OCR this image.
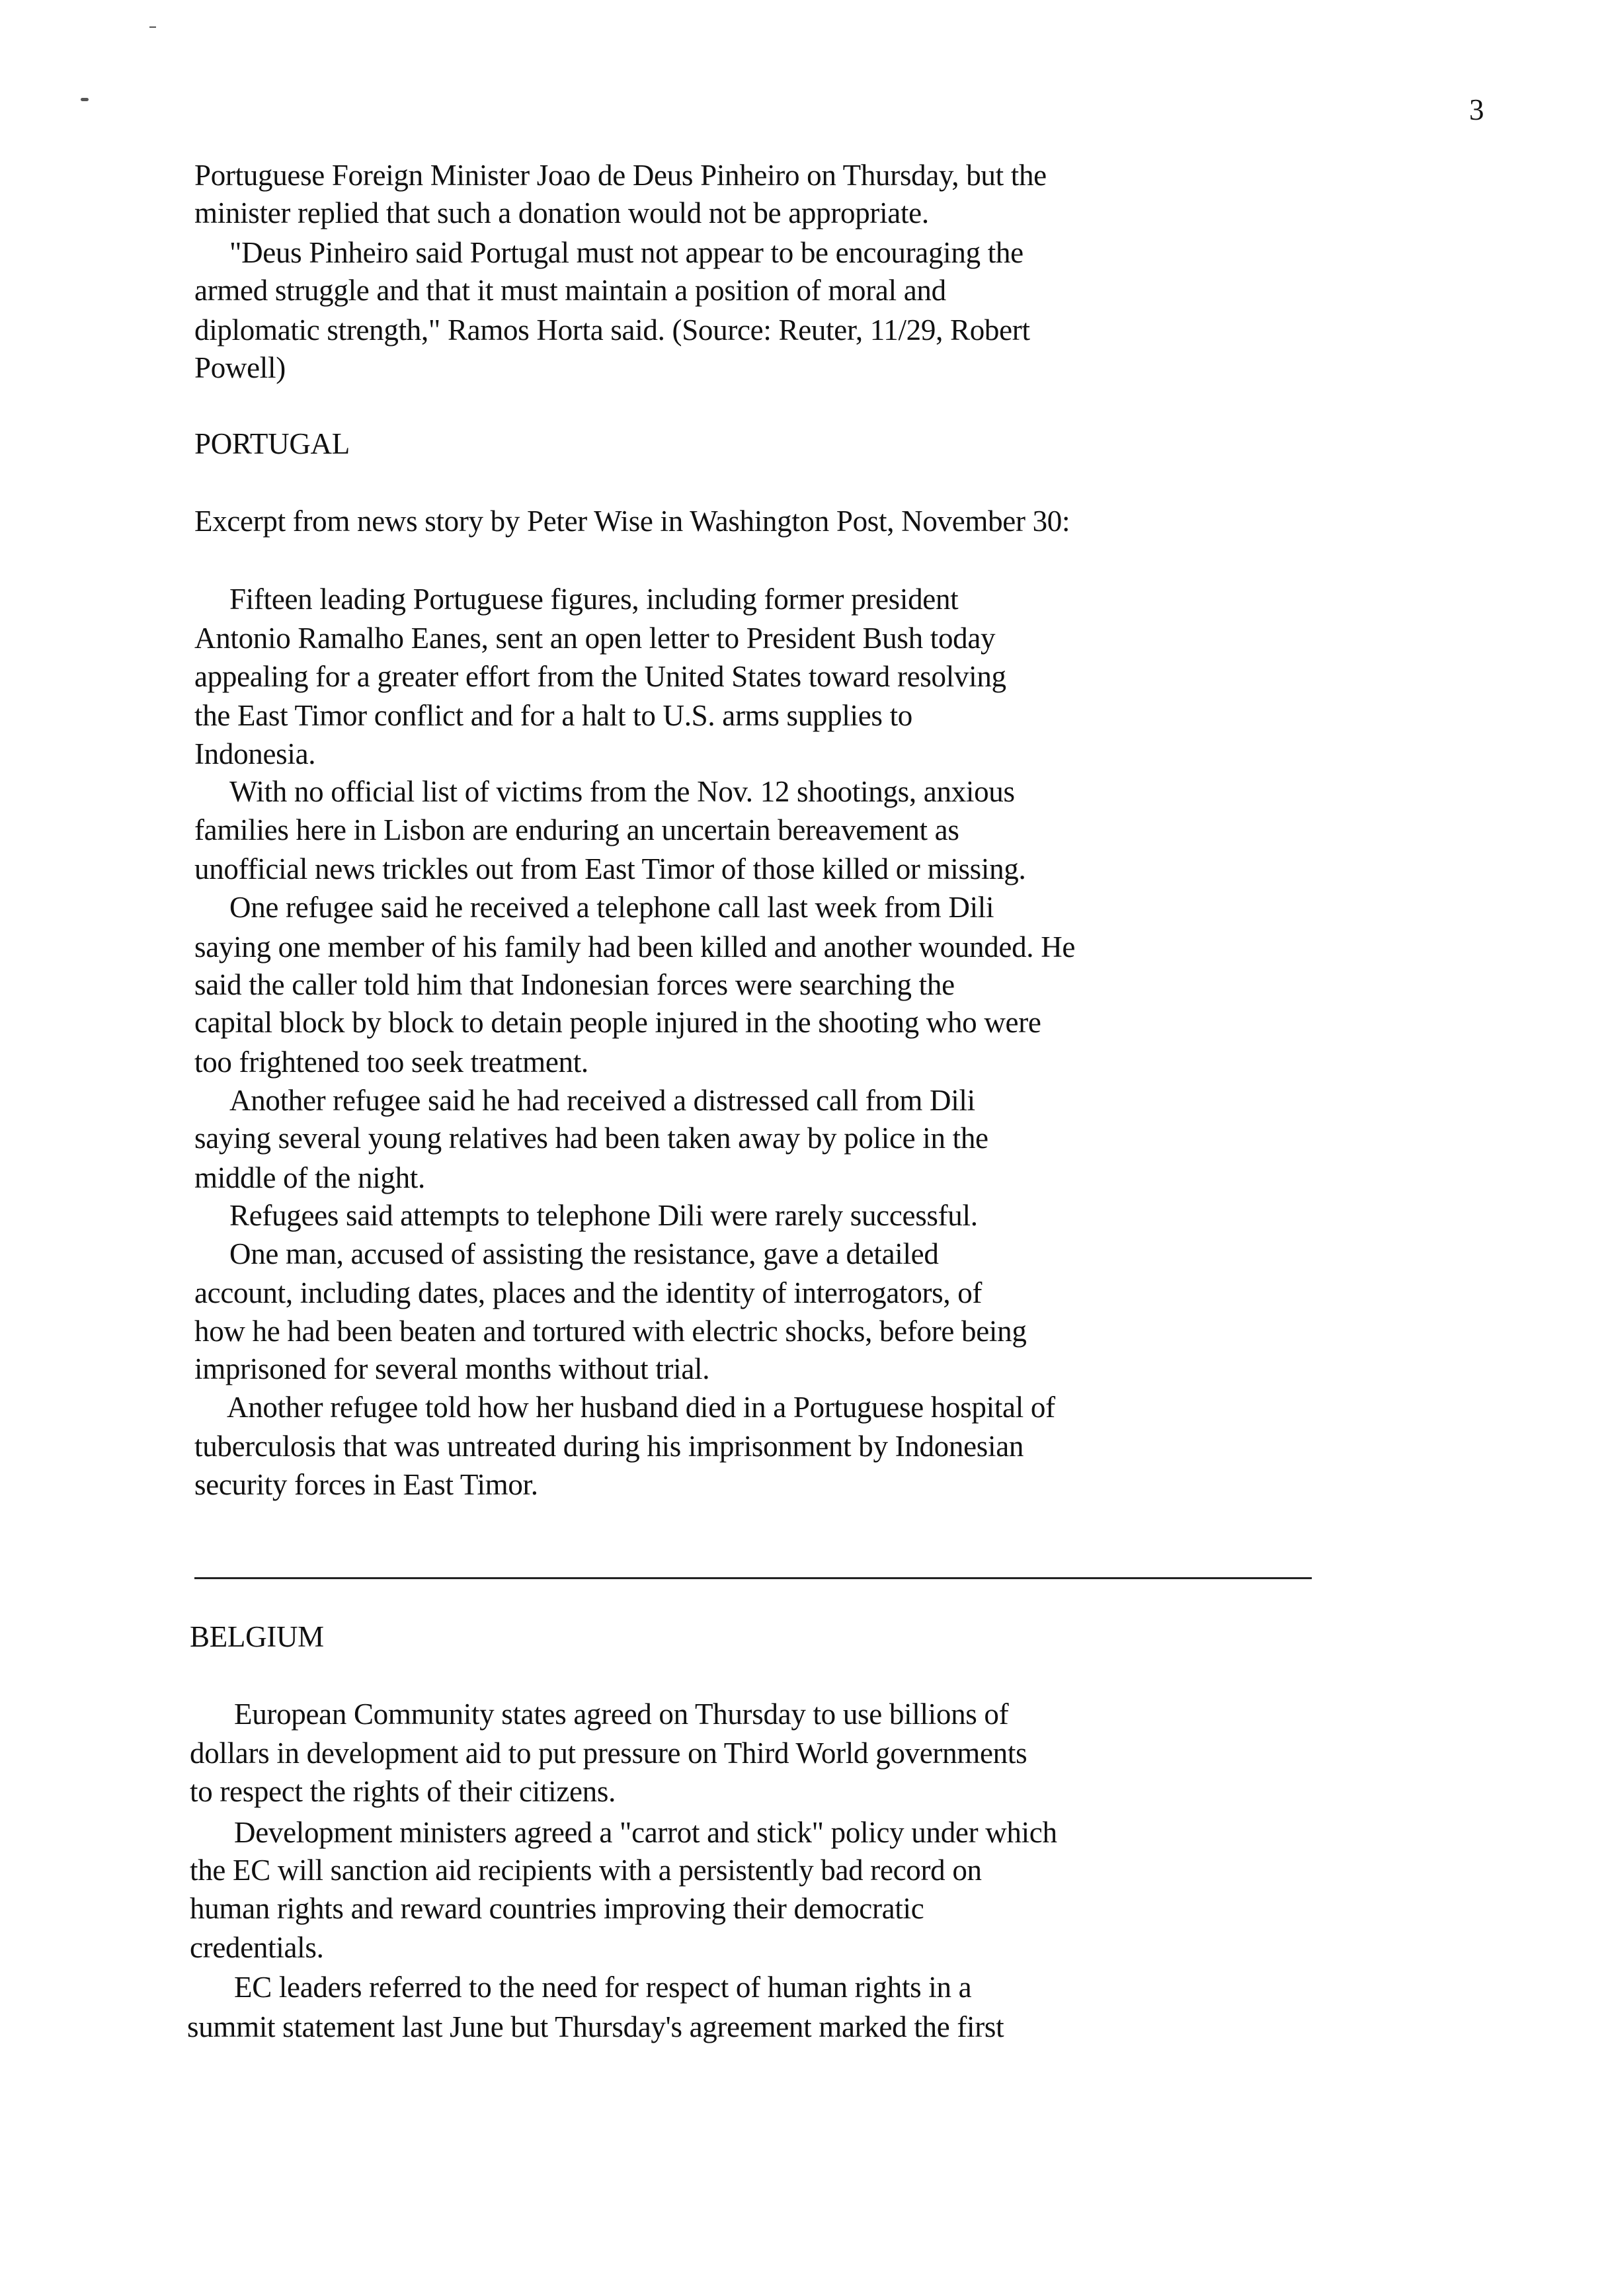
3
Portuguese Foreign Minister Joao de Deus Pinheiro on Thursday, but the
minister replied that such a donation would not be appropriate.
"Deus Pinheiro said Portugal must not appear to be encouraging the
armed struggle and that it must maintain a position of moral and
diplomatic strength," Ramos Horta said. (Source: Reuter, 11/29, Robert
Powell)
PORTUGAL
Excerpt from news story by Peter Wise in Washington Post, November 30:
Fifteen leading Portuguese figures, including former president
Antonio Ramalho Eanes, sent an open letter to President Bush today
appealing for a greater effort from the United States toward resolving
the East Timor conflict and for a halt to U.S. arms supplies to
Indonesia.
With no official list of victims from the Nov. 12 shootings, anxious
families here in Lisbon are enduring an uncertain bereavement as
unofficial news trickles out from East Timor of those killed or missing.
One refugee said he received a telephone call last week from Dili
saying one member of his family had been killed and another wounded. He
said the caller told him that Indonesian forces were searching the
capital block by block to detain people injured in the shooting who were
too frightened too seek treatment.
Another refugee said he had received a distressed call from Dili
saying several young relatives had been taken away by police in the
middle of the night.
Refugees said attempts to telephone Dili were rarely successful.
One man, accused of assisting the resistance, gave a detailed
account, including dates, places and the identity of interrogators, of
how he had been beaten and tortured with electric shocks, before being
imprisoned for several months without trial.
Another refugee told how her husband died in a Portuguese hospital of
tuberculosis that was untreated during his imprisonment by Indonesian
security forces in East Timor.
BELGIUM
European Community states agreed on Thursday to use billions of
dollars in development aid to put pressure on Third World governments
to respect the rights of their citizens.
Development ministers agreed a "carrot and stick" policy under which
the EC will sanction aid recipients with a persistently bad record on
human rights and reward countries improving their democratic
credentials.
EC leaders referred to the need for respect of human rights in a
summit statement last June but Thursday's agreement marked the first
